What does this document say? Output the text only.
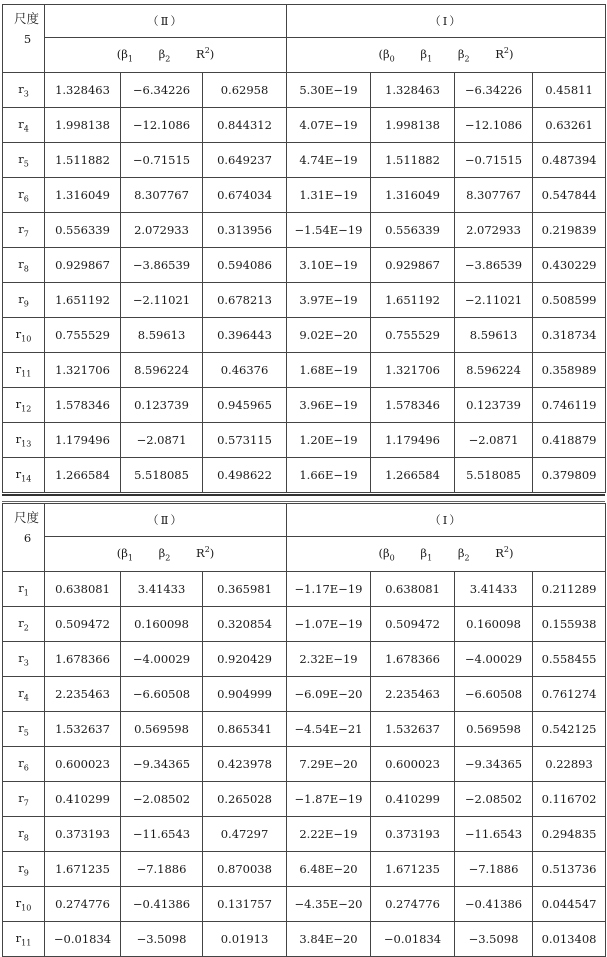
尺度
5	（Ⅱ）			（Ⅰ）			
	($\beta_1$ $\beta_2$ $R^2$)			($\beta_0$ $\beta_1$ $\beta_2$ $R^2$)			
$r_3$	1.328463	−6.34226	0.62958	5.30E−19	1.328463	−6.34226	0.45811
$r_4$	1.998138	−12.1086	0.844312	4.07E−19	1.998138	−12.1086	0.63261
$r_5$	1.511882	−0.71515	0.649237	4.74E−19	1.511882	−0.71515	0.487394
$r_6$	1.316049	8.307767	0.674034	1.31E−19	1.316049	8.307767	0.547844
$r_7$	0.556339	2.072933	0.313956	−1.54E−19	0.556339	2.072933	0.219839
$r_8$	0.929867	−3.86539	0.594086	3.10E−19	0.929867	−3.86539	0.430229
$r_9$	1.651192	−2.11021	0.678213	3.97E−19	1.651192	−2.11021	0.508599
$r_{10}$	0.755529	8.59613	0.396443	9.02E−20	0.755529	8.59613	0.318734
$r_{11}$	1.321706	8.596224	0.46376	1.68E−19	1.321706	8.596224	0.358989
$r_{12}$	1.578346	0.123739	0.945965	3.96E−19	1.578346	0.123739	0.746119
$r_{13}$	1.179496	−2.0871	0.573115	1.20E−19	1.179496	−2.0871	0.418879
$r_{14}$	1.266584	5.518085	0.498622	1.66E−19	1.266584	5.518085	0.379809
尺度
6	（Ⅱ）			（Ⅰ）			
	($\beta_1$ $\beta_2$ $R^2$)			($\beta_0$ $\beta_1$ $\beta_2$ $R^2$)			
$r_1$	0.638081	3.41433	0.365981	−1.17E−19	0.638081	3.41433	0.211289
$r_2$	0.509472	0.160098	0.320854	−1.07E−19	0.509472	0.160098	0.155938
$r_3$	1.678366	−4.00029	0.920429	2.32E−19	1.678366	−4.00029	0.558455
$r_4$	2.235463	−6.60508	0.904999	−6.09E−20	2.235463	−6.60508	0.761274
$r_5$	1.532637	0.569598	0.865341	−4.54E−21	1.532637	0.569598	0.542125
$r_6$	0.600023	−9.34365	0.423978	7.29E−20	0.600023	−9.34365	0.22893
$r_7$	0.410299	−2.08502	0.265028	−1.87E−19	0.410299	−2.08502	0.116702
$r_8$	0.373193	−11.6543	0.47297	2.22E−19	0.373193	−11.6543	0.294835
$r_9$	1.671235	−7.1886	0.870038	6.48E−20	1.671235	−7.1886	0.513736
$r_{10}$	0.274776	−0.41386	0.131757	−4.35E−20	0.274776	−0.41386	0.044547
$r_{11}$	−0.01834	−3.5098	0.01913	3.84E−20	−0.01834	−3.5098	0.013408
